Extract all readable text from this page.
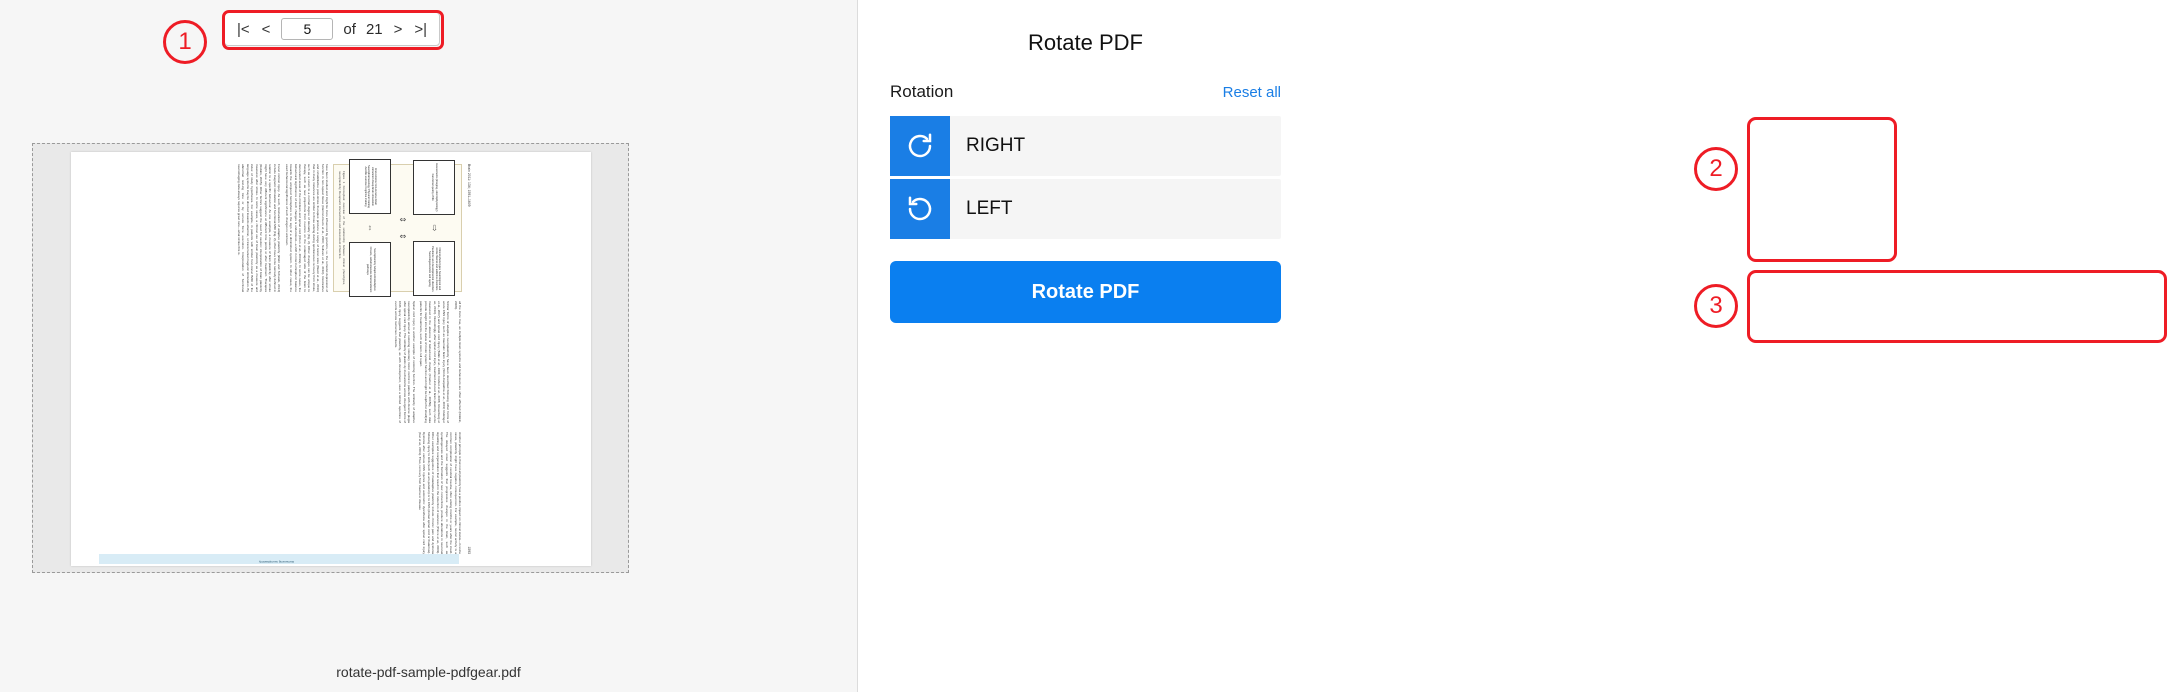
|< <
5	of 21 > >|
1
Brain 2011: 134; 1591–1609
1593
Assessments (imaging, electrophysiology) Functional quality of life
⇨
Clinical phenotypes Neurological and stroke Mental and addictive disorders Paediatric and developmental disorders Neurodegeneration and ageing
⇕
⇕
Interventions Non-invasive brain stimulation Deep brain stimulation Neuropharmacology Physical training Aerobic exercise Cognitive training
⇔
Neuroplasticity Adaptive/maladaptive Circuits, cells/molecules Alternate/latent pathways
Figure 1 Conceptual overview of the relationship between clinical phenotypes, neuroplasticity, therapeutic interventions and assessment of function.

have been studied and might be more influenced by genetics, i.e. the remodel depression of function in non-repeat tissue (Ramon-Cueto et al., 2000; Sullivan et al., 2010). Restorative and rehabilitative post-stroke therapies produce a range of lesion sites (Ward et al., 2010) that in many instances are similar to those arising during spontaneous recovery from stroke, such as a return to a normal degree of laterality (Fig. 2). Other changes can be unique to therapy, such as new projections from neurons on the undamaged side of the brain to denervated areas of the mid-brain and spinal cord (Chen et al., 2002a). In some cases, the behavioural significance of such changes is understood—a shift in inter-hemispheric balance towards the uninjured hemisphere is the sign of a diminished system. In other cases, the exact behavioural significance of such changes is unknown.

Focal cortical injury. As such, biomarkers of adaptive plasticity (Wahl and Schwab, 2014) include magnetic stimulation and functional MRI (Fig. 2), often have to be narrowly defined in relation to a specific behaviour. As one example, a measure of brain plasticity after stroke might have very different significance at different time points or after treatment. Therapies (Dobkin, 2005). Other factors suggest the need for caution: interpretation of brain plasticity measures after stroke. In some cases, a clinical use of brain plasticity as a measure and index of study hypotheses. For example, in patients with similar func-tional fMRI of the language systems may be directed towards attention, or transcranial magnetic stimulation. By abnormal rest-ing tone or by excess force execution. Interpretation of functional neuroimaging data always requires great care—what stroke this is.

all the more true, as multiple brain systems and behaviours are often affected (Dobkin, 2008).

Similar forms of adaptive neuroplasticity have been described following other forms of acute CNS injury such as traumatic brain injury (Strick-Carpathia et al., 2009; Rubinger et al., 2007) and spinal cord injury (Tabik et al., 1991; Corbet et al., 2005; Rosenberg et al., 2010). Interestingly, after spinal cord injury, treatment-induced brain plasticity can be measured in the absence of behavioural change (Cramer et al., 2005b), such data provide insight into the status of motor system function and might be helpful for stratifying patients for treatments, such as stem cell repair.

Spinal cord injury is another example of restoring function. The similarity of adaptive neuroplasticity aimed at restoring voluntary motor control in patients with diverse plegia after spinal cord injury. The similarity of plastic-ity mechanisms across divergent forms of CNS injury suggests that plasticity, as with development, uses a limited repertoire of events across numerous contexts.

Another principle is that not all plasticity has a positive impact on clinical status—in some cases, plasticity might have negative consequences. For example, neural activity is a common complication of cerebral trauma, often arising months or years after the insult. The delayed onset suggests that progressive changes in the brain, such as synaptogenesis and the formation of new connections, produce alterations in neuronal signalling and reorganization that result in the induction of seizures (Prince et al., 2009). Other examples suggestive of maladaptive plasticity include chronic pain and dystonia following injury to limb (such as am-putation) or to CNS (dorsal spinal cord or thalamus). Dystonia after various CNS injuries and autonomic dysreflexia after spinal cord injury (Kar et al., 2001). Thus, recovery from trauma or disease

Harnessing neuroplasticity
rotate-pdf-sample-pdfgear.pdf
Rotate PDF
Rotation	Reset all
RIGHT
LEFT
Rotate PDF
2
3
